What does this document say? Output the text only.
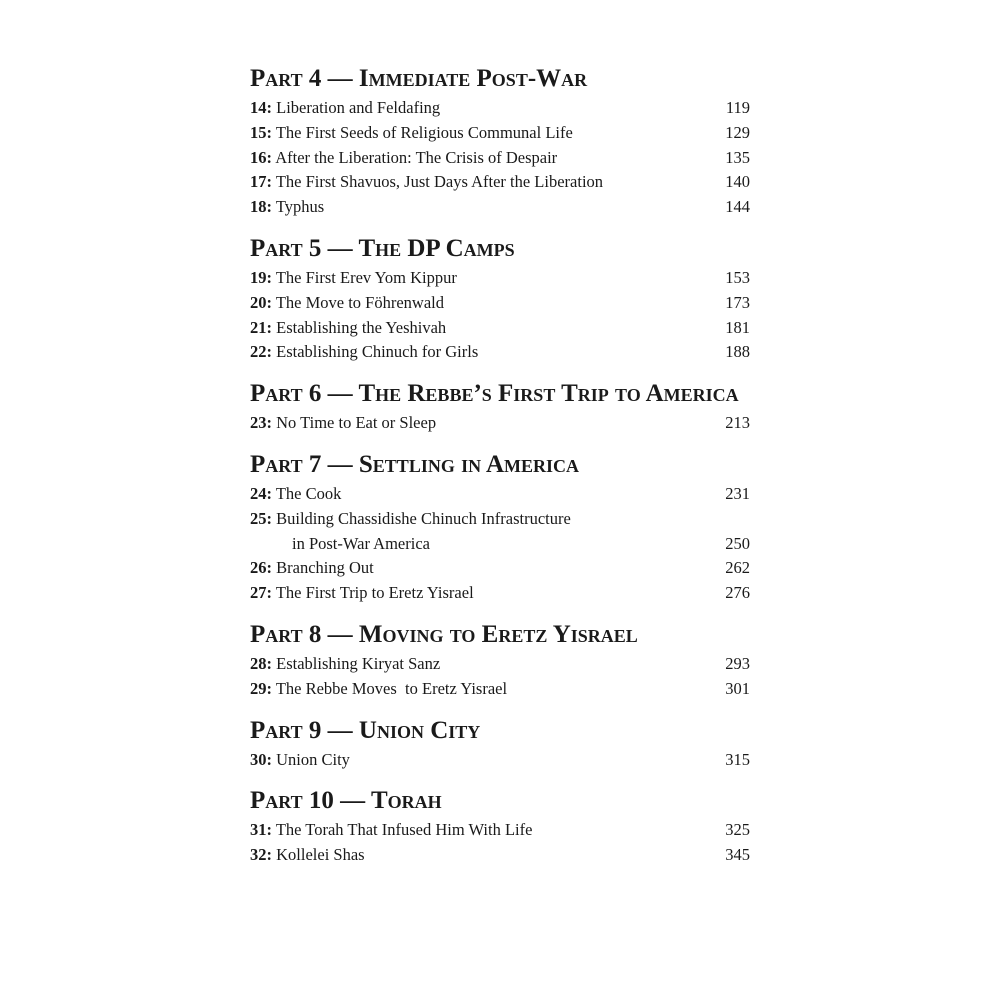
Part 4 — Immediate Post-War
14: Liberation and Feldafing	119
15: The First Seeds of Religious Communal Life	129
16: After the Liberation: The Crisis of Despair	135
17: The First Shavuos, Just Days After the Liberation	140
18: Typhus	144
Part 5 — The DP Camps
19: The First Erev Yom Kippur	153
20: The Move to Föhrenwald	173
21: Establishing the Yeshivah	181
22: Establishing Chinuch for Girls	188
Part 6 — The Rebbe’s First Trip to America
23: No Time to Eat or Sleep	213
Part 7 — Settling in America
24: The Cook	231
25: Building Chassidishe Chinuch Infrastructure
in Post-War America	250
26: Branching Out	262
27: The First Trip to Eretz Yisrael	276
Part 8 — Moving to Eretz Yisrael
28: Establishing Kiryat Sanz	293
29: The Rebbe Moves  to Eretz Yisrael	301
Part 9 — Union City
30: Union City	315
Part 10 — Torah
31: The Torah That Infused Him With Life	325
32: Kollelei Shas	345
